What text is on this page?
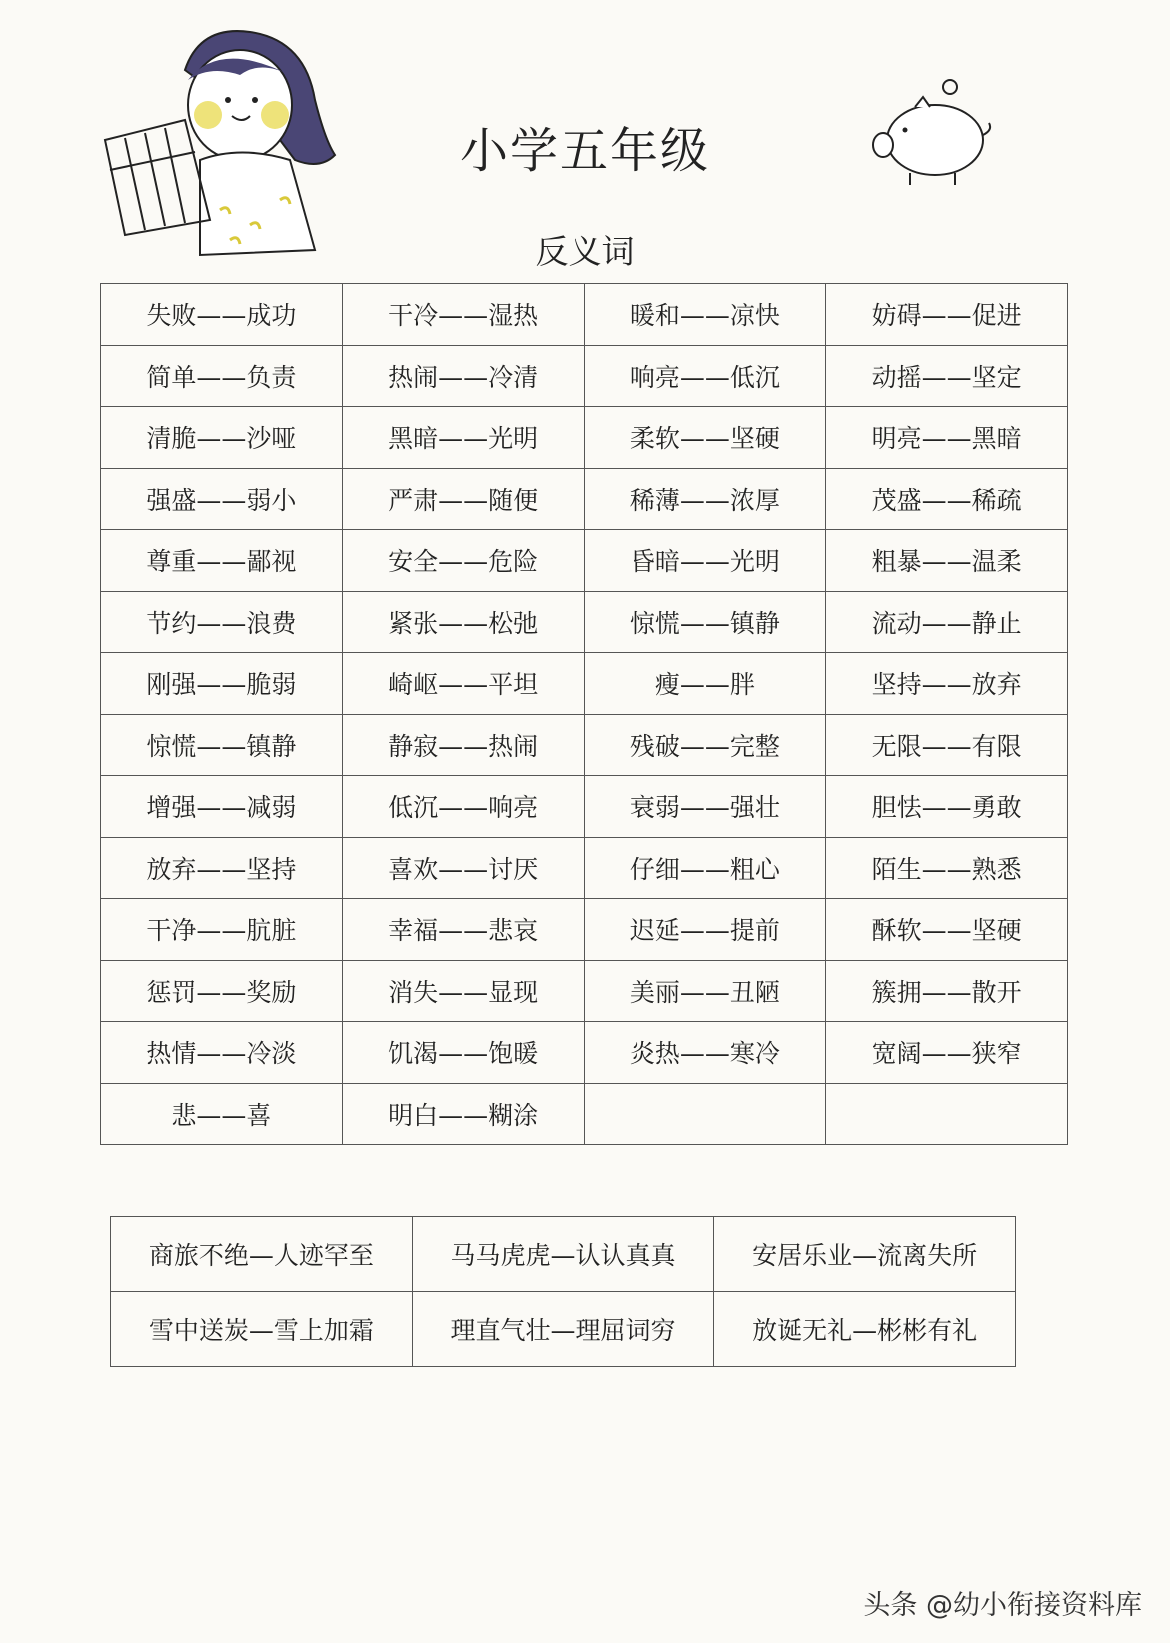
小学五年级
反义词
失败——成功	干冷——湿热	暖和——凉快	妨碍——促进
简单——负责	热闹——冷清	响亮——低沉	动摇——坚定
清脆——沙哑	黑暗——光明	柔软——坚硬	明亮——黑暗
强盛——弱小	严肃——随便	稀薄——浓厚	茂盛——稀疏
尊重——鄙视	安全——危险	昏暗——光明	粗暴——温柔
节约——浪费	紧张——松弛	惊慌——镇静	流动——静止
刚强——脆弱	崎岖——平坦	瘦——胖	坚持——放弃
惊慌——镇静	静寂——热闹	残破——完整	无限——有限
增强——减弱	低沉——响亮	衰弱——强壮	胆怯——勇敢
放弃——坚持	喜欢——讨厌	仔细——粗心	陌生——熟悉
干净——肮脏	幸福——悲哀	迟延——提前	酥软——坚硬
惩罚——奖励	消失——显现	美丽——丑陋	簇拥——散开
热情——冷淡	饥渴——饱暖	炎热——寒冷	宽阔——狭窄
悲——喜	明白——糊涂		
商旅不绝—人迹罕至	马马虎虎—认认真真	安居乐业—流离失所
雪中送炭—雪上加霜	理直气壮—理屈词穷	放诞无礼—彬彬有礼
头条 @幼小衔接资料库
